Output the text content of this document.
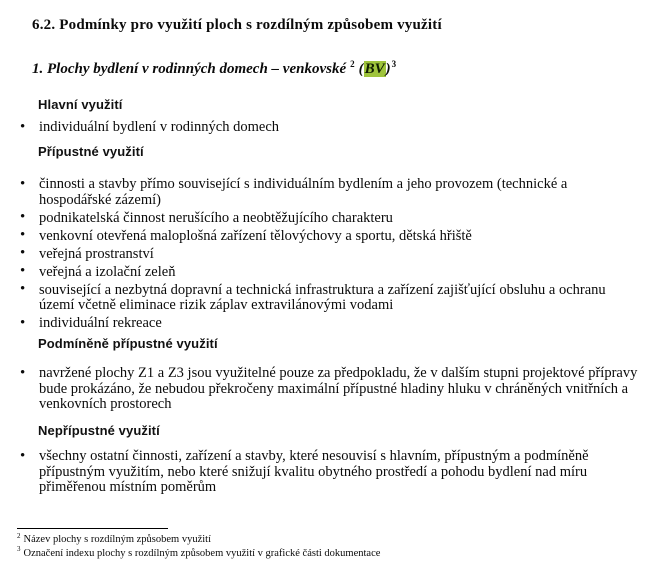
6.2. Podmínky pro využití ploch s rozdílným způsobem využití
1. Plochy bydlení v rodinných domech – venkovské $^2$ (BV)$^3$
Hlavní využití
• individuální bydlení v rodinných domech
Přípustné využití
• činnosti a stavby přímo související s individuálním bydlením a jeho provozem (technické a hospodářské zázemí)
• podnikatelská činnost nerušícího a neobtěžujícího charakteru
• venkovní otevřená maloplošná zařízení tělovýchovy a sportu, dětská hřiště
• veřejná prostranství
• veřejná a izolační zeleň
• související a nezbytná dopravní a technická infrastruktura a zařízení zajišťující obsluhu a ochranu území včetně eliminace rizik záplav extravilánovými vodami
• individuální rekreace
Podmíněně přípustné využití
• navržené plochy Z1 a Z3 jsou využitelné pouze za předpokladu, že v dalším stupni projektové přípravy bude prokázáno, že nebudou překročeny maximální přípustné hladiny hluku v chráněných vnitřních a venkovních prostorech
Nepřípustné využití
• všechny ostatní činnosti, zařízení a stavby, které nesouvisí s hlavním, přípustným a podmíněně přípustným využitím, nebo které snižují kvalitu obytného prostředí a pohodu bydlení nad míru přiměřenou místním poměrům
$^2$ Název plochy s rozdílným způsobem využití
$^3$ Označení indexu plochy s rozdílným způsobem využití v grafické části dokumentace
